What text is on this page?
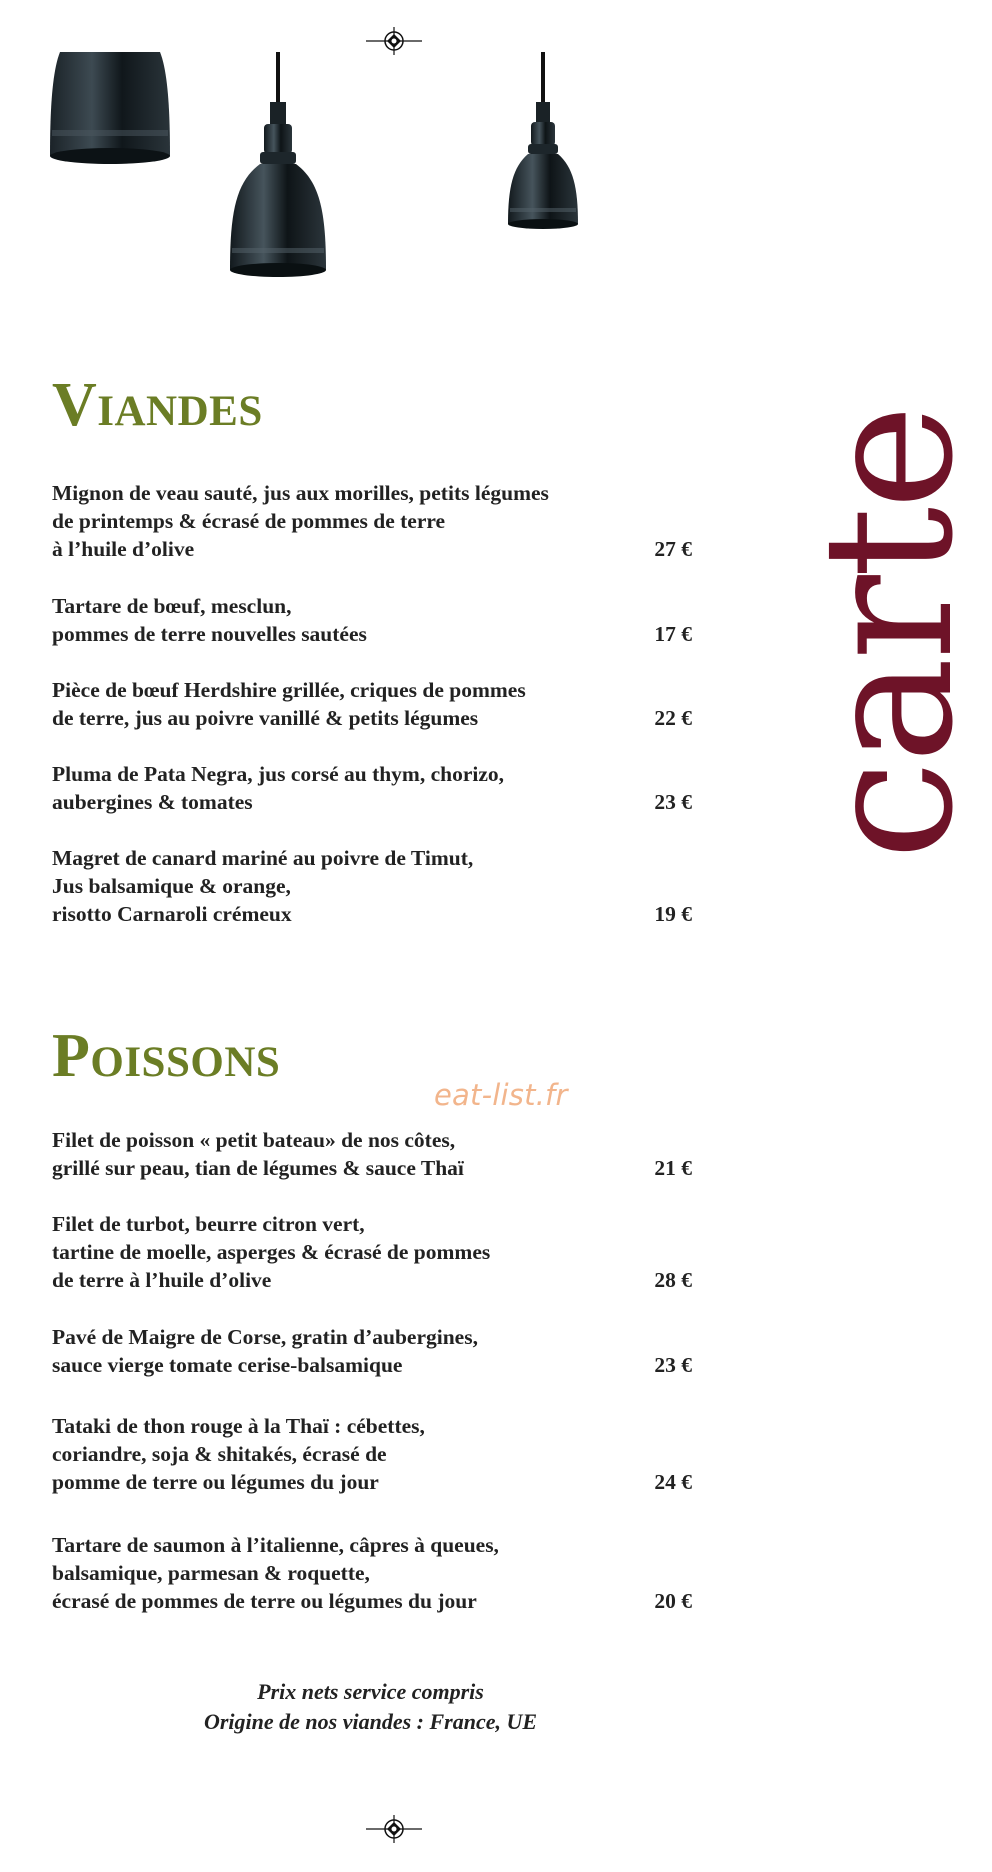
carte
Viandes
Mignon de veau sauté, jus aux morilles, petits légumes
de printemps & écrasé de pommes de terre
à l’huile d’olive	27 €
Tartare de bœuf, mesclun,
pommes de terre nouvelles sautées	17 €
Pièce de bœuf Herdshire grillée, criques de pommes
de terre, jus au poivre vanillé & petits légumes	22 €
Pluma de Pata Negra, jus corsé au thym, chorizo,
aubergines & tomates	23 €
Magret de canard mariné au poivre de Timut,
Jus balsamique & orange,
risotto Carnaroli crémeux	19 €
Poissons
eat-list.fr
Filet de poisson « petit bateau» de nos côtes,
grillé sur peau, tian de légumes & sauce Thaï	21 €
Filet de turbot, beurre citron vert,
tartine de moelle, asperges & écrasé de pommes
de terre à l’huile d’olive	28 €
Pavé de Maigre de Corse, gratin d’aubergines,
sauce vierge tomate cerise-balsamique	23 €
Tataki de thon rouge à la Thaï : cébettes,
coriandre, soja & shitakés, écrasé de
pomme de terre ou légumes du jour	24 €
Tartare de saumon à l’italienne, câpres à queues,
balsamique, parmesan & roquette,
écrasé de pommes de terre ou légumes du jour	20 €
Prix nets service compris
Origine de nos viandes : France, UE
